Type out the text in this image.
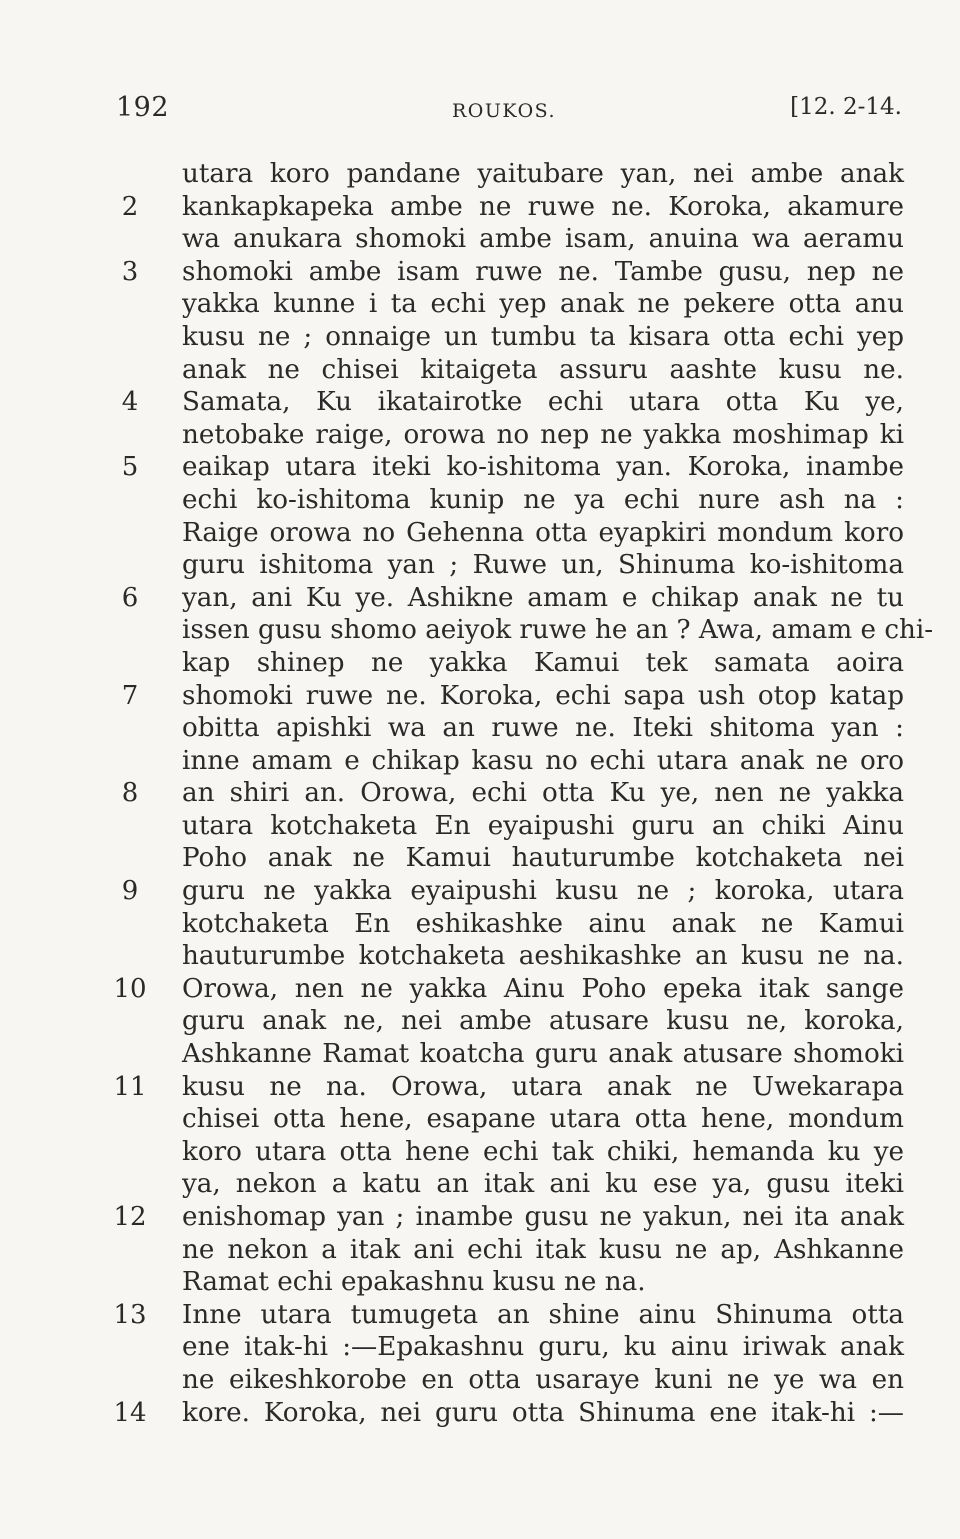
192	ROUKOS.	[12. 2-14.
utara koro pandane yaitubare yan, nei ambe anak
2	kankapkapeka ambe ne ruwe ne. Koroka, akamure
wa anukara shomoki ambe isam, anuina wa aeramu
3	shomoki ambe isam ruwe ne. Tambe gusu, nep ne
yakka kunne i ta echi yep anak ne pekere otta anu
kusu ne ; onnaige un tumbu ta kisara otta echi yep
anak ne chisei kitaigeta assuru aashte kusu ne.
4	Samata, Ku ikatairotke echi utara otta Ku ye,
netobake raige, orowa no nep ne yakka moshimap ki
5	eaikap utara iteki ko-ishitoma yan. Koroka, inambe
echi ko-ishitoma kunip ne ya echi nure ash na :
Raige orowa no Gehenna otta eyapkiri mondum koro
guru ishitoma yan ; Ruwe un, Shinuma ko-ishitoma
6	yan, ani Ku ye. Ashikne amam e chikap anak ne tu
issen gusu shomo aeiyok ruwe he an ? Awa, amam e chi-
kap shinep ne yakka Kamui tek samata aoira
7	shomoki ruwe ne. Koroka, echi sapa ush otop katap
obitta apishki wa an ruwe ne. Iteki shitoma yan :
inne amam e chikap kasu no echi utara anak ne oro
8	an shiri an. Orowa, echi otta Ku ye, nen ne yakka
utara kotchaketa En eyaipushi guru an chiki Ainu
Poho anak ne Kamui hauturumbe kotchaketa nei
9	guru ne yakka eyaipushi kusu ne ; koroka, utara
kotchaketa En eshikashke ainu anak ne Kamui
hauturumbe kotchaketa aeshikashke an kusu ne na.
10 Orowa, nen ne yakka Ainu Poho epeka itak sange
guru anak ne, nei ambe atusare kusu ne, koroka,
Ashkanne Ramat koatcha guru anak atusare shomoki
11 kusu ne na. Orowa, utara anak ne Uwekarapa
chisei otta hene, esapane utara otta hene, mondum
koro utara otta hene echi tak chiki, hemanda ku ye
ya, nekon a katu an itak ani ku ese ya, gusu iteki
12 enishomap yan ; inambe gusu ne yakun, nei ita anak
ne nekon a itak ani echi itak kusu ne ap, Ashkanne
Ramat echi epakashnu kusu ne na.
13 Inne utara tumugeta an shine ainu Shinuma otta
ene itak-hi :—Epakashnu guru, ku ainu iriwak anak
ne eikeshkorobe en otta usaraye kuni ne ye wa en
14 kore. Koroka, nei guru otta Shinuma ene itak-hi :—
